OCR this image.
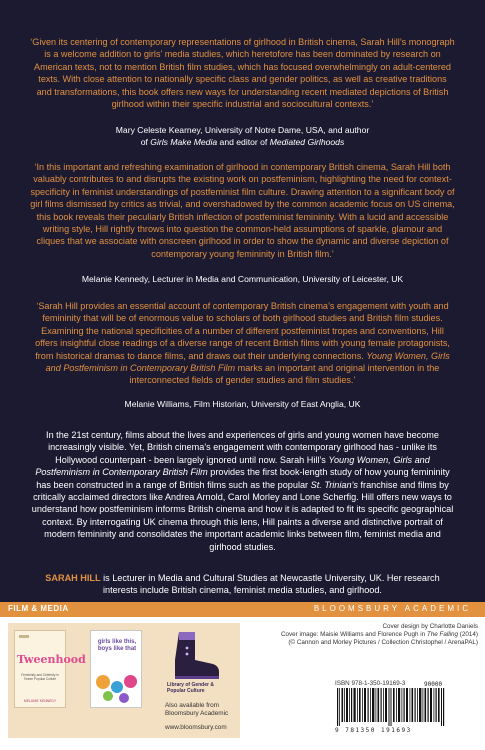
‘Given its centering of contemporary representations of girlhood in British cinema, Sarah Hill’s monograph is a welcome addition to girls’ media studies, which heretofore has been dominated by research on American texts, not to mention British film studies, which has focused overwhelmingly on adult-centered texts. With close attention to nationally specific class and gender politics, as well as creative traditions and transformations, this book offers new ways for understanding recent mediated depictions of British girlhood within their specific industrial and sociocultural contexts.’
Mary Celeste Kearney, University of Notre Dame, USA, and author
of Girls Make Media and editor of Mediated Girlhoods
‘In this important and refreshing examination of girlhood in contemporary British cinema, Sarah Hill both valuably contributes to and disrupts the existing work on postfeminism, highlighting the need for context-specificity in feminist understandings of postfeminist film culture. Drawing attention to a significant body of girl films dismissed by critics as trivial, and overshadowed by the common academic focus on US cinema, this book reveals their peculiarly British inflection of postfeminist femininity. With a lucid and accessible writing style, Hill rightly throws into question the common-held assumptions of sparkle, glamour and cliques that we associate with onscreen girlhood in order to show the dynamic and diverse depiction of contemporary young femininity in British film.’
Melanie Kennedy, Lecturer in Media and Communication, University of Leicester, UK
‘Sarah Hill provides an essential account of contemporary British cinema’s engagement with youth and femininity that will be of enormous value to scholars of both girlhood studies and British film studies. Examining the national specificities of a number of different postfeminist tropes and conventions, Hill offers insightful close readings of a diverse range of recent British films with young female protagonists, from historical dramas to dance films, and draws out their underlying connections. Young Women, Girls and Postfeminism in Contemporary British Film marks an important and original intervention in the interconnected fields of gender studies and film studies.’
Melanie Williams, Film Historian, University of East Anglia, UK
In the 21st century, films about the lives and experiences of girls and young women have become increasingly visible. Yet, British cinema’s engagement with contemporary girlhood has - unlike its Hollywood counterpart - been largely ignored until now. Sarah Hill’s Young Women, Girls and Postfeminism in Contemporary British Film provides the first book-length study of how young femininity has been constructed in a range of British films such as the popular St. Trinian’s franchise and films by critically acclaimed directors like Andrea Arnold, Carol Morley and Lone Scherfig. Hill offers new ways to understand how postfeminism informs British cinema and how it is adapted to fit its specific geographical context. By interrogating UK cinema through this lens, Hill paints a diverse and distinctive portrait of modern femininity and consolidates the important academic links between film, feminist media and girlhood studies.
SARAH HILL is Lecturer in Media and Cultural Studies at Newcastle University, UK. Her research interests include British cinema, feminist media studies, and girlhood.
FILM & MEDIA	BLOOMSBURY ACADEMIC
Tweenhood
Femininity and Celebrity in Tween Popular Culture
MELANIE KENNEDY
girls like this, boys like that
Library of Gender & Popular Culture
Also available from
Bloomsbury Academic
www.bloomsbury.com
Cover design by Charlotte Daniels
Cover image: Maisie Williams and Florence Pugh in The Falling (2014)
(© Cannon and Morley Pictures / Collection Christophel / ArenaPAL)
ISBN 978-1-350-19169-3	90000
9 781350 191693
